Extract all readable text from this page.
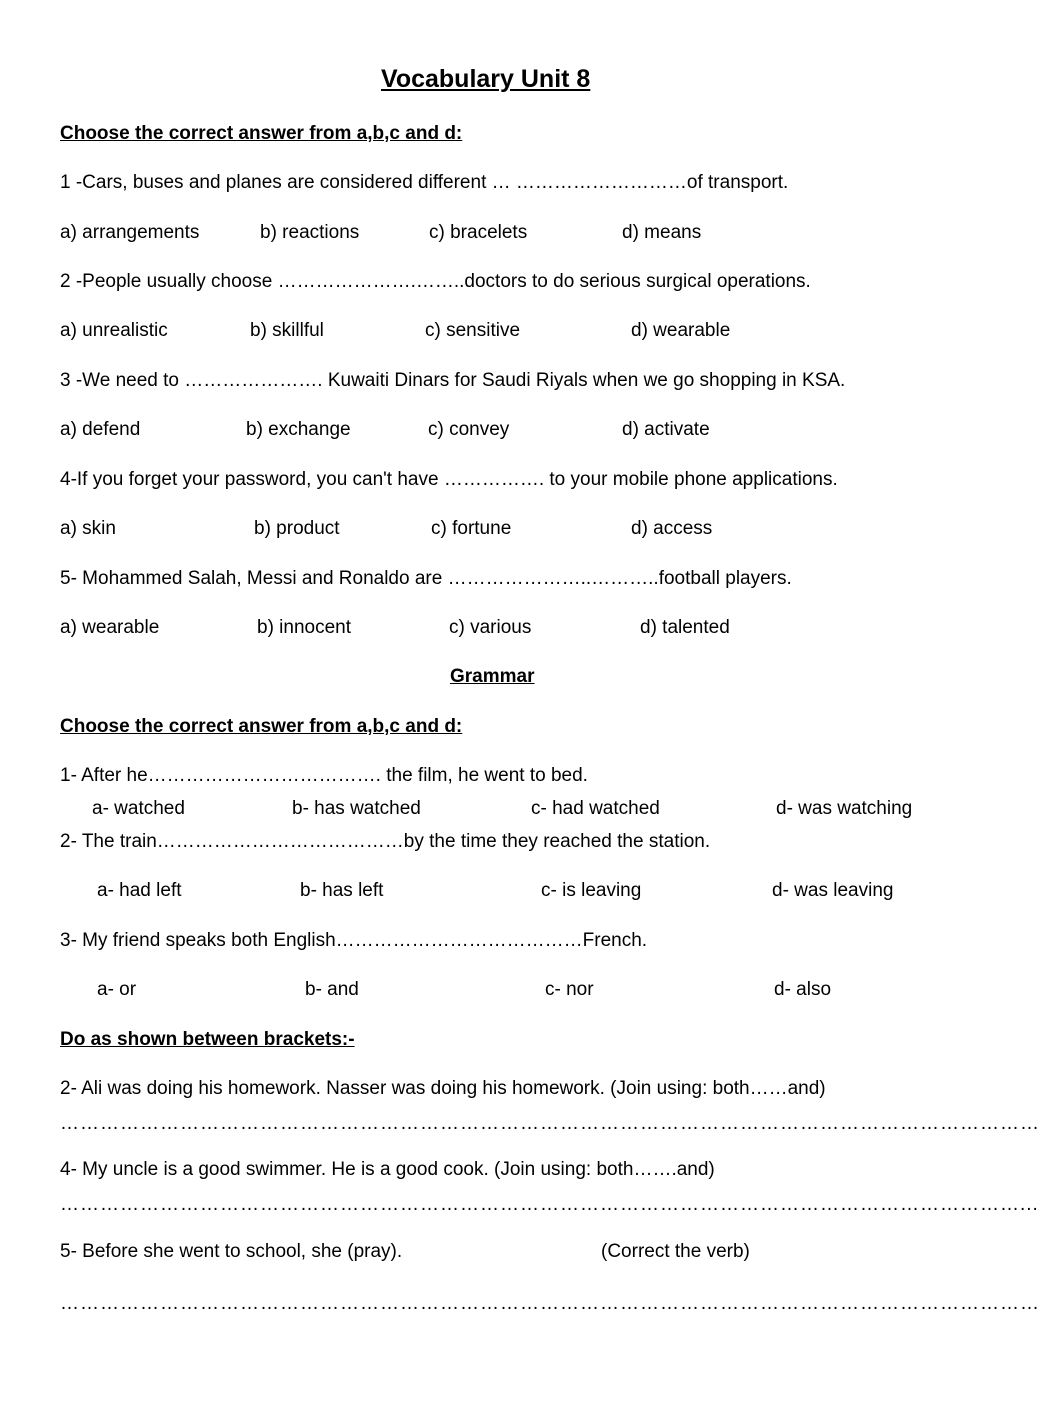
Vocabulary Unit 8
Choose the correct answer from a,b,c and d:
1 -Cars, buses and planes are considered different … ………………………of transport.
a) arrangements	b) reactions	c) bracelets	d) means
2 -People usually choose ………………….……..doctors to do serious surgical operations.
a) unrealistic	b) skillful	c) sensitive	d) wearable
3 -We need to …………………. Kuwaiti Dinars for Saudi Riyals when we go shopping in KSA.
a) defend	b) exchange	c) convey	d) activate
4-If you forget your password, you can't have ……………. to your mobile phone applications.
a) skin	b) product	c) fortune	d) access
5- Mohammed Salah, Messi and Ronaldo are …………………..………..football players.
a) wearable	b) innocent	c) various	d) talented
Grammar
Choose the correct answer from a,b,c and d:
1- After he………………………………. the film, he went to bed.
a- watched	b- has watched	c- had watched	d- was watching
2- The train…………………………………by the time they reached the station.
a- had left	b- has left	c- is leaving	d- was leaving
3- My friend speaks both English…………………………………French.
a- or	b- and	c- nor	d- also
Do as shown between brackets:-
2- Ali was doing his homework. Nasser was doing his homework. (Join using: both……and)
…………………………………………………………………………………………………………………………………
4- My uncle is a good swimmer. He is a good cook. (Join using: both…….and)
………………………………………………………………………………………………………………………………...
5- Before she went to school, she (pray).	(Correct the verb)
…………………………………………………………………………………………………………………………………
